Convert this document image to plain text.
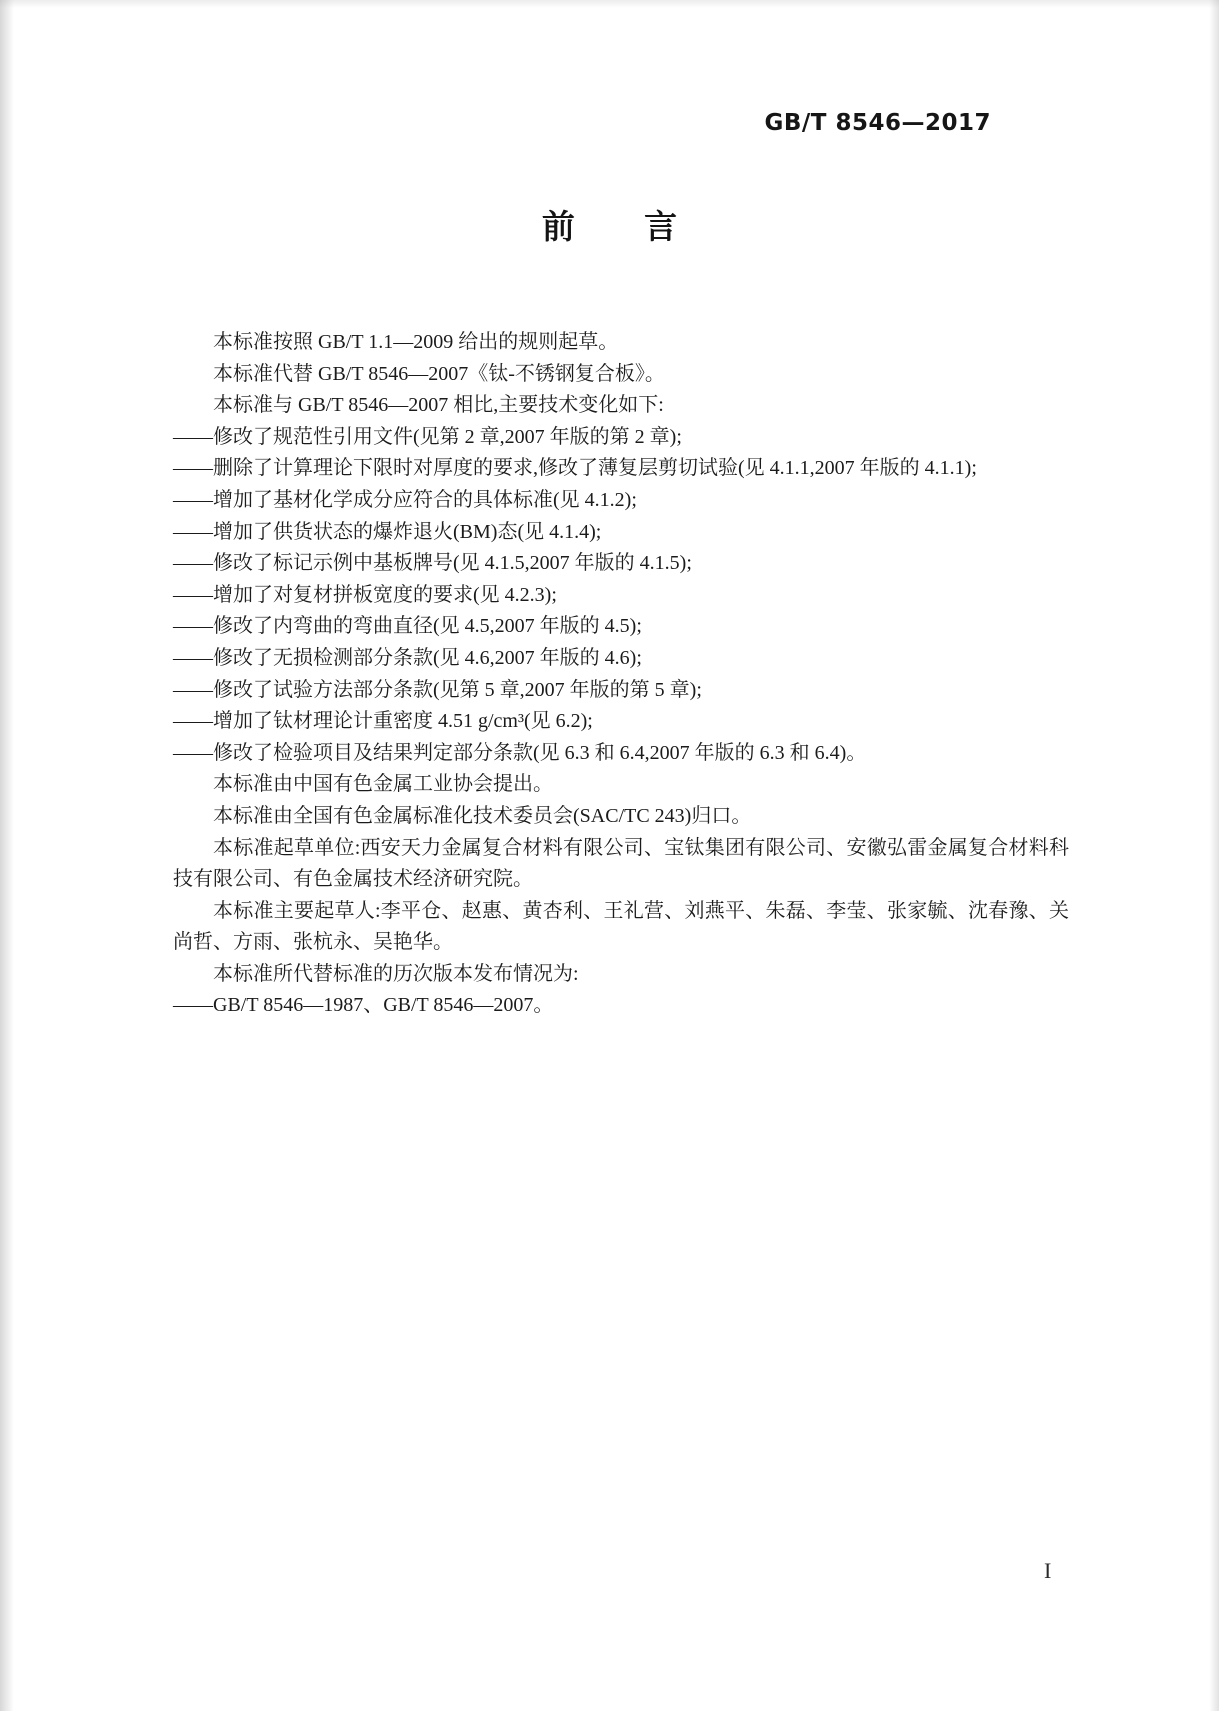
GB/T 8546—2017
前言

本标准按照 GB/T 1.1—2009 给出的规则起草。

本标准代替 GB/T 8546—2007《钛-不锈钢复合板》。

本标准与 GB/T 8546—2007 相比,主要技术变化如下:

——修改了规范性引用文件(见第 2 章,2007 年版的第 2 章);

——删除了计算理论下限时对厚度的要求,修改了薄复层剪切试验(见 4.1.1,2007 年版的 4.1.1);

——增加了基材化学成分应符合的具体标准(见 4.1.2);

——增加了供货状态的爆炸退火(BM)态(见 4.1.4);

——修改了标记示例中基板牌号(见 4.1.5,2007 年版的 4.1.5);

——增加了对复材拼板宽度的要求(见 4.2.3);

——修改了内弯曲的弯曲直径(见 4.5,2007 年版的 4.5);

——修改了无损检测部分条款(见 4.6,2007 年版的 4.6);

——修改了试验方法部分条款(见第 5 章,2007 年版的第 5 章);

——增加了钛材理论计重密度 4.51 g/cm³(见 6.2);

——修改了检验项目及结果判定部分条款(见 6.3 和 6.4,2007 年版的 6.3 和 6.4)。

本标准由中国有色金属工业协会提出。

本标准由全国有色金属标准化技术委员会(SAC/TC 243)归口。

本标准起草单位:西安天力金属复合材料有限公司、宝钛集团有限公司、安徽弘雷金属复合材料科技有限公司、有色金属技术经济研究院。

本标准主要起草人:李平仓、赵惠、黄杏利、王礼营、刘燕平、朱磊、李莹、张家毓、沈春豫、关尚哲、方雨、张杭永、吴艳华。

本标准所代替标准的历次版本发布情况为:

——GB/T 8546—1987、GB/T 8546—2007。

I
